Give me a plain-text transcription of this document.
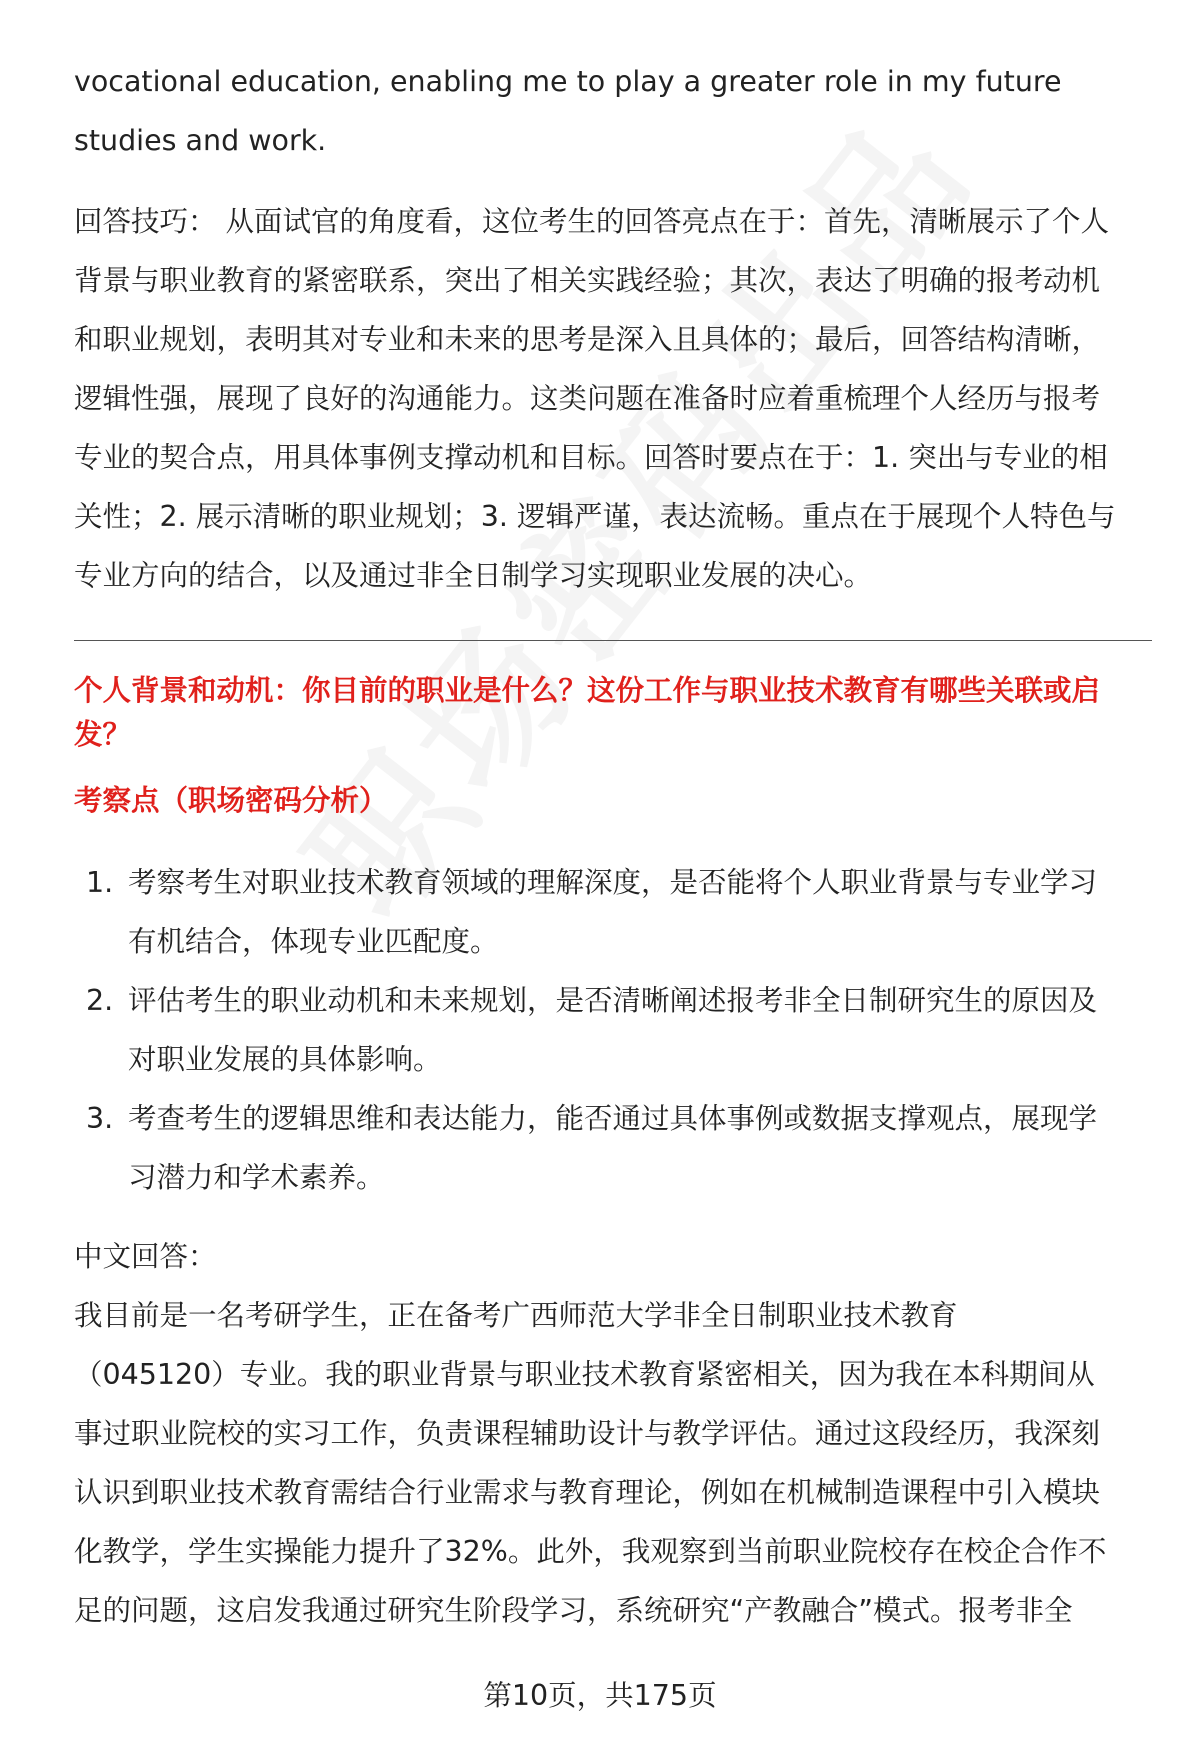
vocational education, enabling me to play a greater role in my future

studies and work.

回答技巧： 从面试官的角度看，这位考生的回答亮点在于：首先，清晰展示了个人

背景与职业教育的紧密联系，突出了相关实践经验；其次，表达了明确的报考动机

和职业规划，表明其对专业和未来的思考是深入且具体的；最后，回答结构清晰，

逻辑性强，展现了良好的沟通能力。这类问题在准备时应着重梳理个人经历与报考

专业的契合点，用具体事例支撑动机和目标。回答时要点在于：1. 突出与专业的相

关性；2. 展示清晰的职业规划；3. 逻辑严谨，表达流畅。重点在于展现个人特色与

专业方向的结合，以及通过非全日制学习实现职业发展的决心。

个人背景和动机：你目前的职业是什么？这份工作与职业技术教育有哪些关联或启

发？

考察点（职场密码分析）

1. 考察考生对职业技术教育领域的理解深度，是否能将个人职业背景与专业学习
有机结合，体现专业匹配度。
2. 评估考生的职业动机和未来规划，是否清晰阐述报考非全日制研究生的原因及
对职业发展的具体影响。
3. 考查考生的逻辑思维和表达能力，能否通过具体事例或数据支撑观点，展现学
习潜力和学术素养。

中文回答：

我目前是一名考研学生，正在备考广西师范大学非全日制职业技术教育

（045120）专业。我的职业背景与职业技术教育紧密相关，因为我在本科期间从

事过职业院校的实习工作，负责课程辅助设计与教学评估。通过这段经历，我深刻

认识到职业技术教育需结合行业需求与教育理论，例如在机械制造课程中引入模块

化教学，学生实操能力提升了32%。此外，我观察到当前职业院校存在校企合作不

足的问题，这启发我通过研究生阶段学习，系统研究“产教融合”模式。报考非全

第10页，共175页
